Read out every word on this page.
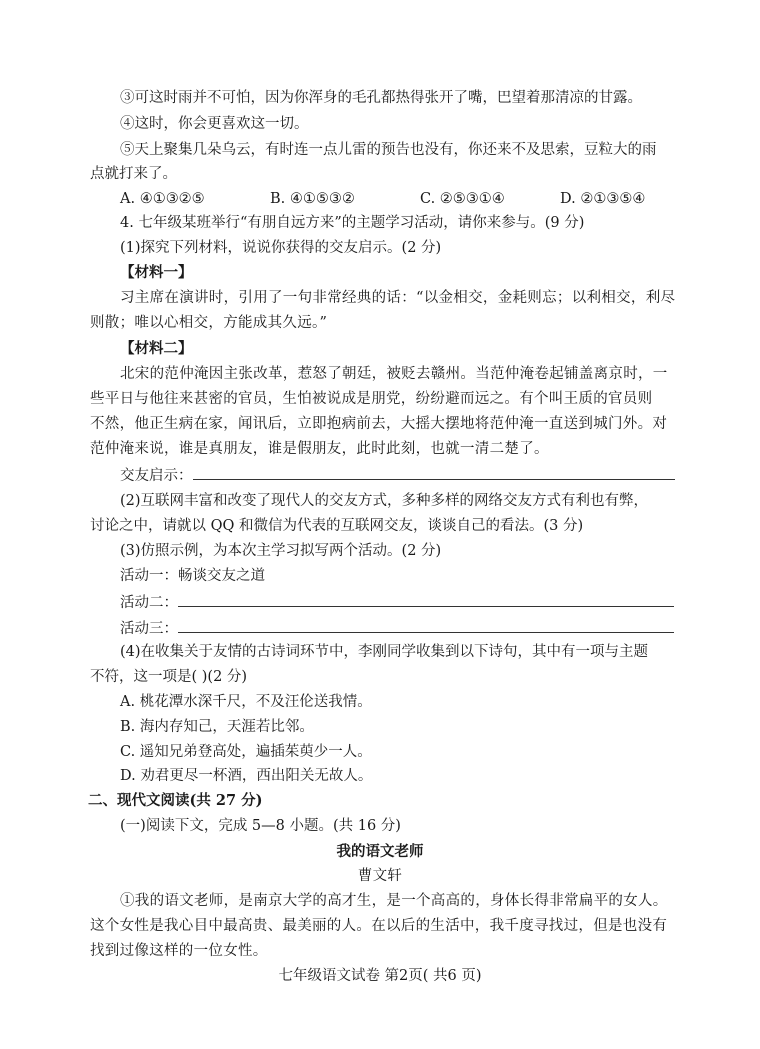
③可这时雨并不可怕，因为你浑身的毛孔都热得张开了嘴，巴望着那清凉的甘露。
④这时，你会更喜欢这一切。
⑤天上聚集几朵乌云，有时连一点儿雷的预告也没有，你还来不及思索，豆粒大的雨
点就打来了。
A. ④①③②⑤	B. ④①⑤③②	C. ②⑤③①④	D. ②①③⑤④
4. 七年级某班举行“有朋自远方来”的主题学习活动，请你来参与。(9 分)
(1)探究下列材料，说说你获得的交友启示。(2 分)
【材料一】
习主席在演讲时，引用了一句非常经典的话：“以金相交，金耗则忘；以利相交，利尽
则散；唯以心相交，方能成其久远。”
【材料二】
北宋的范仲淹因主张改革，惹怒了朝廷，被贬去赣州。当范仲淹卷起铺盖离京时，一
些平日与他往来甚密的官员，生怕被说成是朋党，纷纷避而远之。有个叫王质的官员则
不然，他正生病在家，闻讯后，立即抱病前去，大摇大摆地将范仲淹一直送到城门外。对
范仲淹来说，谁是真朋友，谁是假朋友，此时此刻，也就一清二楚了。
交友启示：
(2)互联网丰富和改变了现代人的交友方式，多种多样的网络交友方式有利也有弊，
讨论之中，请就以 QQ 和微信为代表的互联网交友，谈谈自己的看法。(3 分)
(3)仿照示例，为本次主学习拟写两个活动。(2 分)
活动一：畅谈交友之道
活动二：
活动三：
(4)在收集关于友情的古诗词环节中，李刚同学收集到以下诗句，其中有一项与主题
不符，这一项是( )(2 分)
A. 桃花潭水深千尺，不及汪伦送我情。
B. 海内存知己，天涯若比邻。
C. 遥知兄弟登高处，遍插茱萸少一人。
D. 劝君更尽一杯酒，西出阳关无故人。
二、现代文阅读(共 27 分)
(一)阅读下文，完成 5—8 小题。(共 16 分)
我的语文老师
曹文轩
①我的语文老师，是南京大学的高才生，是一个高高的，身体长得非常扁平的女人。
这个女性是我心目中最高贵、最美丽的人。在以后的生活中，我千度寻找过，但是也没有
找到过像这样的一位女性。
七年级语文试卷 第2页( 共6 页)
